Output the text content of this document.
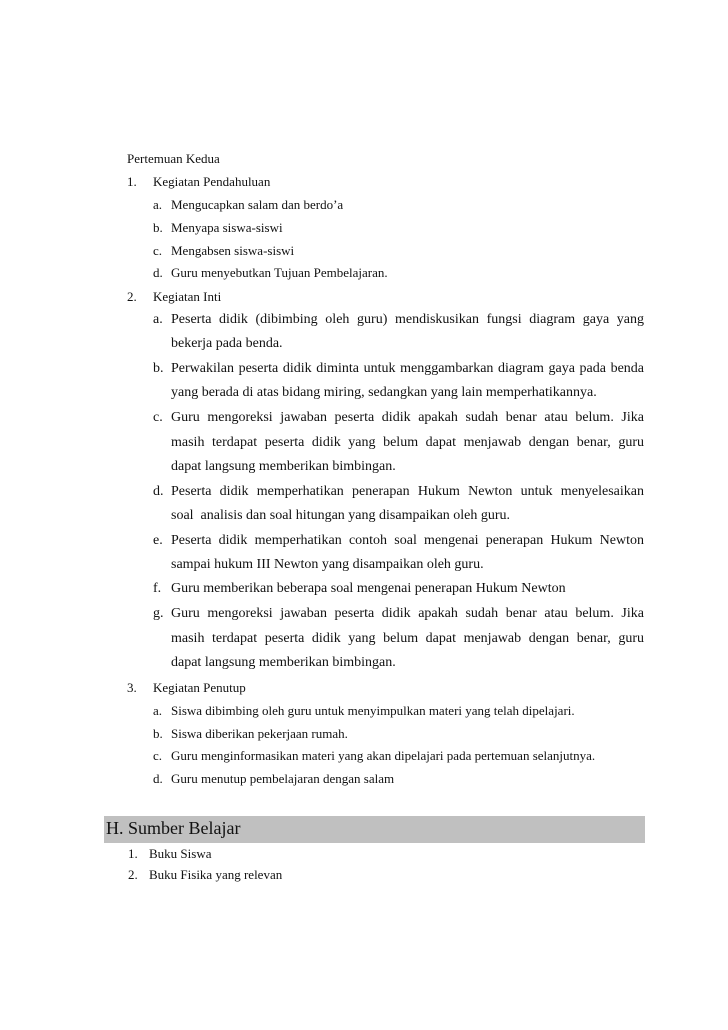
Pertemuan Kedua
1. Kegiatan Pendahuluan
a. Mengucapkan salam dan berdo’a
b. Menyapa siswa-siswi
c. Mengabsen siswa-siswi
d. Guru menyebutkan Tujuan Pembelajaran.
2. Kegiatan Inti
a. Peserta didik (dibimbing oleh guru) mendiskusikan fungsi diagram gaya yang
bekerja pada benda.
b. Perwakilan peserta didik diminta untuk menggambarkan diagram gaya pada benda
yang berada di atas bidang miring, sedangkan yang lain memperhatikannya.
c. Guru mengoreksi jawaban peserta didik apakah sudah benar atau belum. Jika
masih terdapat peserta didik yang belum dapat menjawab dengan benar, guru
dapat langsung memberikan bimbingan.
d. Peserta didik memperhatikan penerapan Hukum Newton untuk menyelesaikan
soal  analisis dan soal hitungan yang disampaikan oleh guru.
e. Peserta didik memperhatikan contoh soal mengenai penerapan Hukum Newton
sampai hukum III Newton yang disampaikan oleh guru.
f. Guru memberikan beberapa soal mengenai penerapan Hukum Newton
g. Guru mengoreksi jawaban peserta didik apakah sudah benar atau belum. Jika
masih terdapat peserta didik yang belum dapat menjawab dengan benar, guru
dapat langsung memberikan bimbingan.
3. Kegiatan Penutup
a. Siswa dibimbing oleh guru untuk menyimpulkan materi yang telah dipelajari.
b. Siswa diberikan pekerjaan rumah.
c. Guru menginformasikan materi yang akan dipelajari pada pertemuan selanjutnya.
d. Guru menutup pembelajaran dengan salam
H. Sumber Belajar
1. Buku Siswa
2. Buku Fisika yang relevan
